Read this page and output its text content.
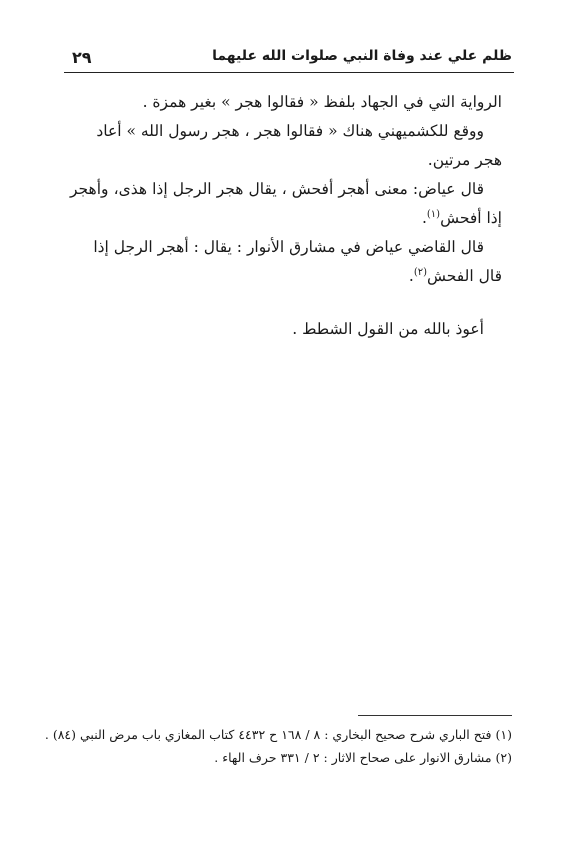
٢٩	ظلم علي عند وفاة النبي صلوات الله عليهما

الرواية التي في الجهاد بلفظ « فقالوا هجر » بغير همزة .

ووقع للكشميهني هناك « فقالوا هجر ، هجر رسول الله » أعاد هجر مرتين.

قال عياض: معنى أهجر أفحش ، يقال هجر الرجل إذا هذى، وأهجر إذا أفحش$^{(١)}$.

قال القاضي عياض في مشارق الأنوار : يقال : أهجر الرجل إذا قال الفحش$^{(٢)}$.

أعوذ بالله من القول الشطط .

(١) فتح الباري شرح صحيح البخاري : ٨ / ١٦٨ ح ٤٤٣٢ كتاب المغازي باب مرض النبي (٨٤) .

(٢) مشارق الانوار على صحاح الاثار : ٢ / ٣٣١ حرف الهاء .
